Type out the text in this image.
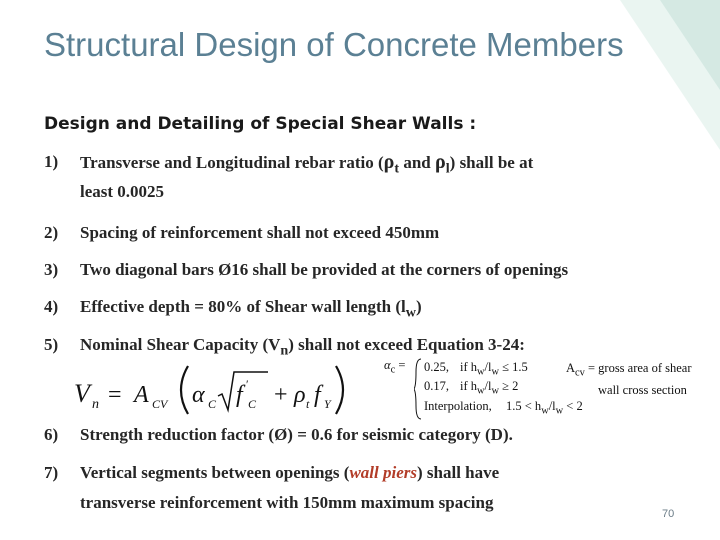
Structural Design of Concrete Members
Design and Detailing of Special Shear Walls :
1) Transverse and Longitudinal rebar ratio ($\rho_t$ and $\rho_l$) shall be at
least 0.0025
2) Spacing of reinforcement shall not exceed 450mm
3) Two diagonal bars Ø16 shall be provided at the corners of openings
4) Effective depth = 80% of Shear wall length $(l_w)$
5) Nominal Shear Capacity $(V_n)$ shall not exceed Equation 3-24:
V n = A CV α C f ′
C + ρ t f Y
$\alpha_c = 0.25$, if $h_w/l_w \le 1.5$
0.17, if $h_w/l_w \ge 2$
Interpolation, $1.5 < h_w/l_w < 2$
$A_{cv}$ = gross area of shear
wall cross section
6) Strength reduction factor (Ø) = 0.6 for seismic category (D).
7) Vertical segments between openings (wall piers) shall have
transverse reinforcement with 150mm maximum spacing
70
